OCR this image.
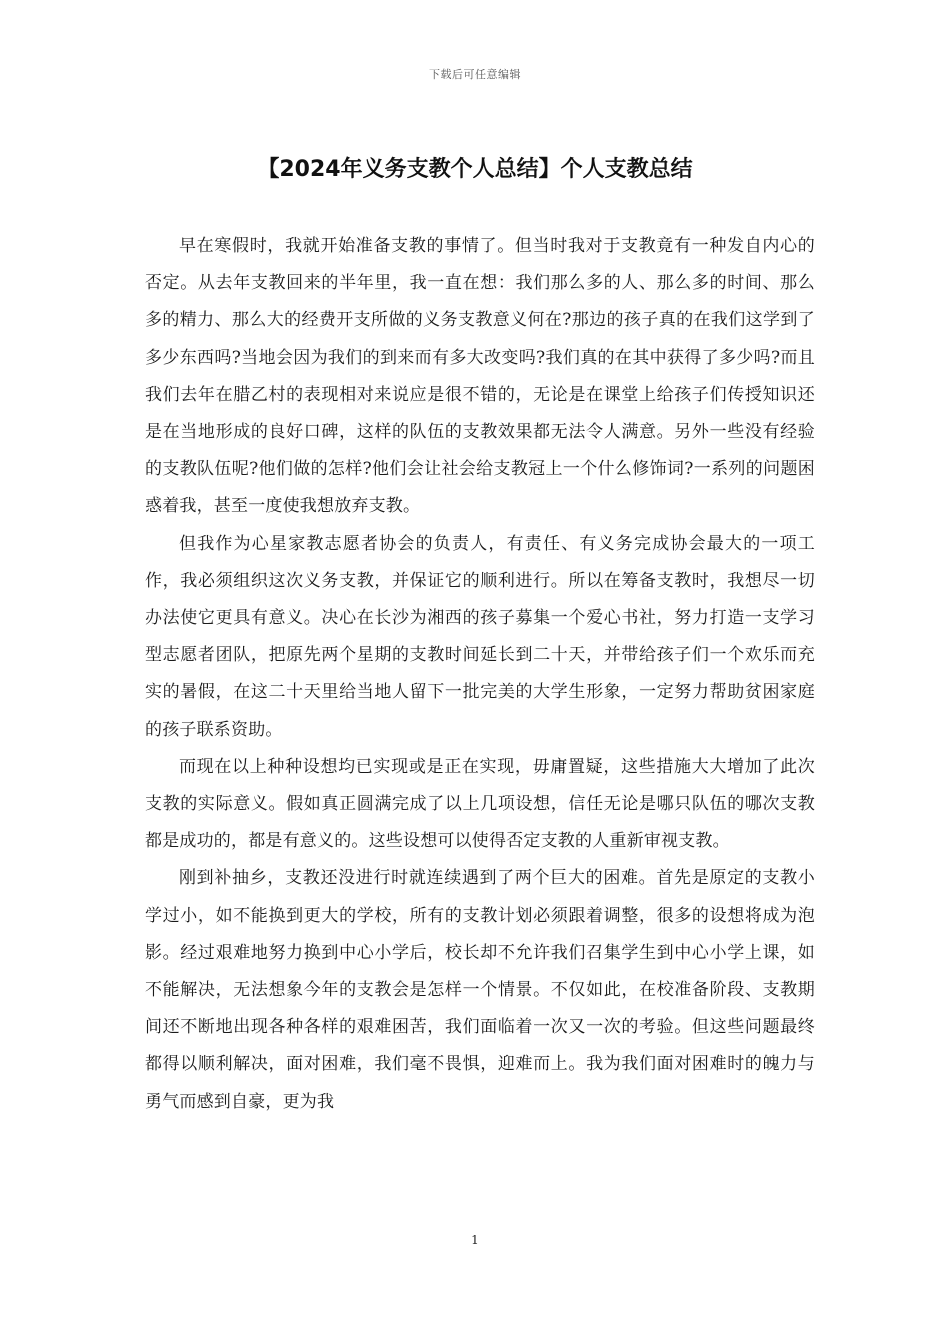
下载后可任意编辑
【2024年义务支教个人总结】个人支教总结

早在寒假时，我就开始准备支教的事情了。但当时我对于支教竟有一种发自内心的否定。从去年支教回来的半年里，我一直在想：我们那么多的人、那么多的时间、那么多的精力、那么大的经费开支所做的义务支教意义何在?那边的孩子真的在我们这学到了多少东西吗?当地会因为我们的到来而有多大改变吗?我们真的在其中获得了多少吗?而且我们去年在腊乙村的表现相对来说应是很不错的，无论是在课堂上给孩子们传授知识还是在当地形成的良好口碑，这样的队伍的支教效果都无法令人满意。另外一些没有经验的支教队伍呢?他们做的怎样?他们会让社会给支教冠上一个什么修饰词?一系列的问题困惑着我，甚至一度使我想放弃支教。

但我作为心星家教志愿者协会的负责人，有责任、有义务完成协会最大的一项工作，我必须组织这次义务支教，并保证它的顺利进行。所以在筹备支教时，我想尽一切办法使它更具有意义。决心在长沙为湘西的孩子募集一个爱心书社，努力打造一支学习型志愿者团队，把原先两个星期的支教时间延长到二十天，并带给孩子们一个欢乐而充实的暑假，在这二十天里给当地人留下一批完美的大学生形象，一定努力帮助贫困家庭的孩子联系资助。

而现在以上种种设想均已实现或是正在实现，毋庸置疑，这些措施大大增加了此次支教的实际意义。假如真正圆满完成了以上几项设想，信任无论是哪只队伍的哪次支教都是成功的，都是有意义的。这些设想可以使得否定支教的人重新审视支教。

刚到补抽乡，支教还没进行时就连续遇到了两个巨大的困难。首先是原定的支教小学过小，如不能换到更大的学校，所有的支教计划必须跟着调整，很多的设想将成为泡影。经过艰难地努力换到中心小学后，校长却不允许我们召集学生到中心小学上课，如不能解决，无法想象今年的支教会是怎样一个情景。不仅如此，在校准备阶段、支教期间还不断地出现各种各样的艰难困苦，我们面临着一次又一次的考验。但这些问题最终都得以顺利解决，面对困难，我们毫不畏惧，迎难而上。我为我们面对困难时的魄力与勇气而感到自豪，更为我

1
